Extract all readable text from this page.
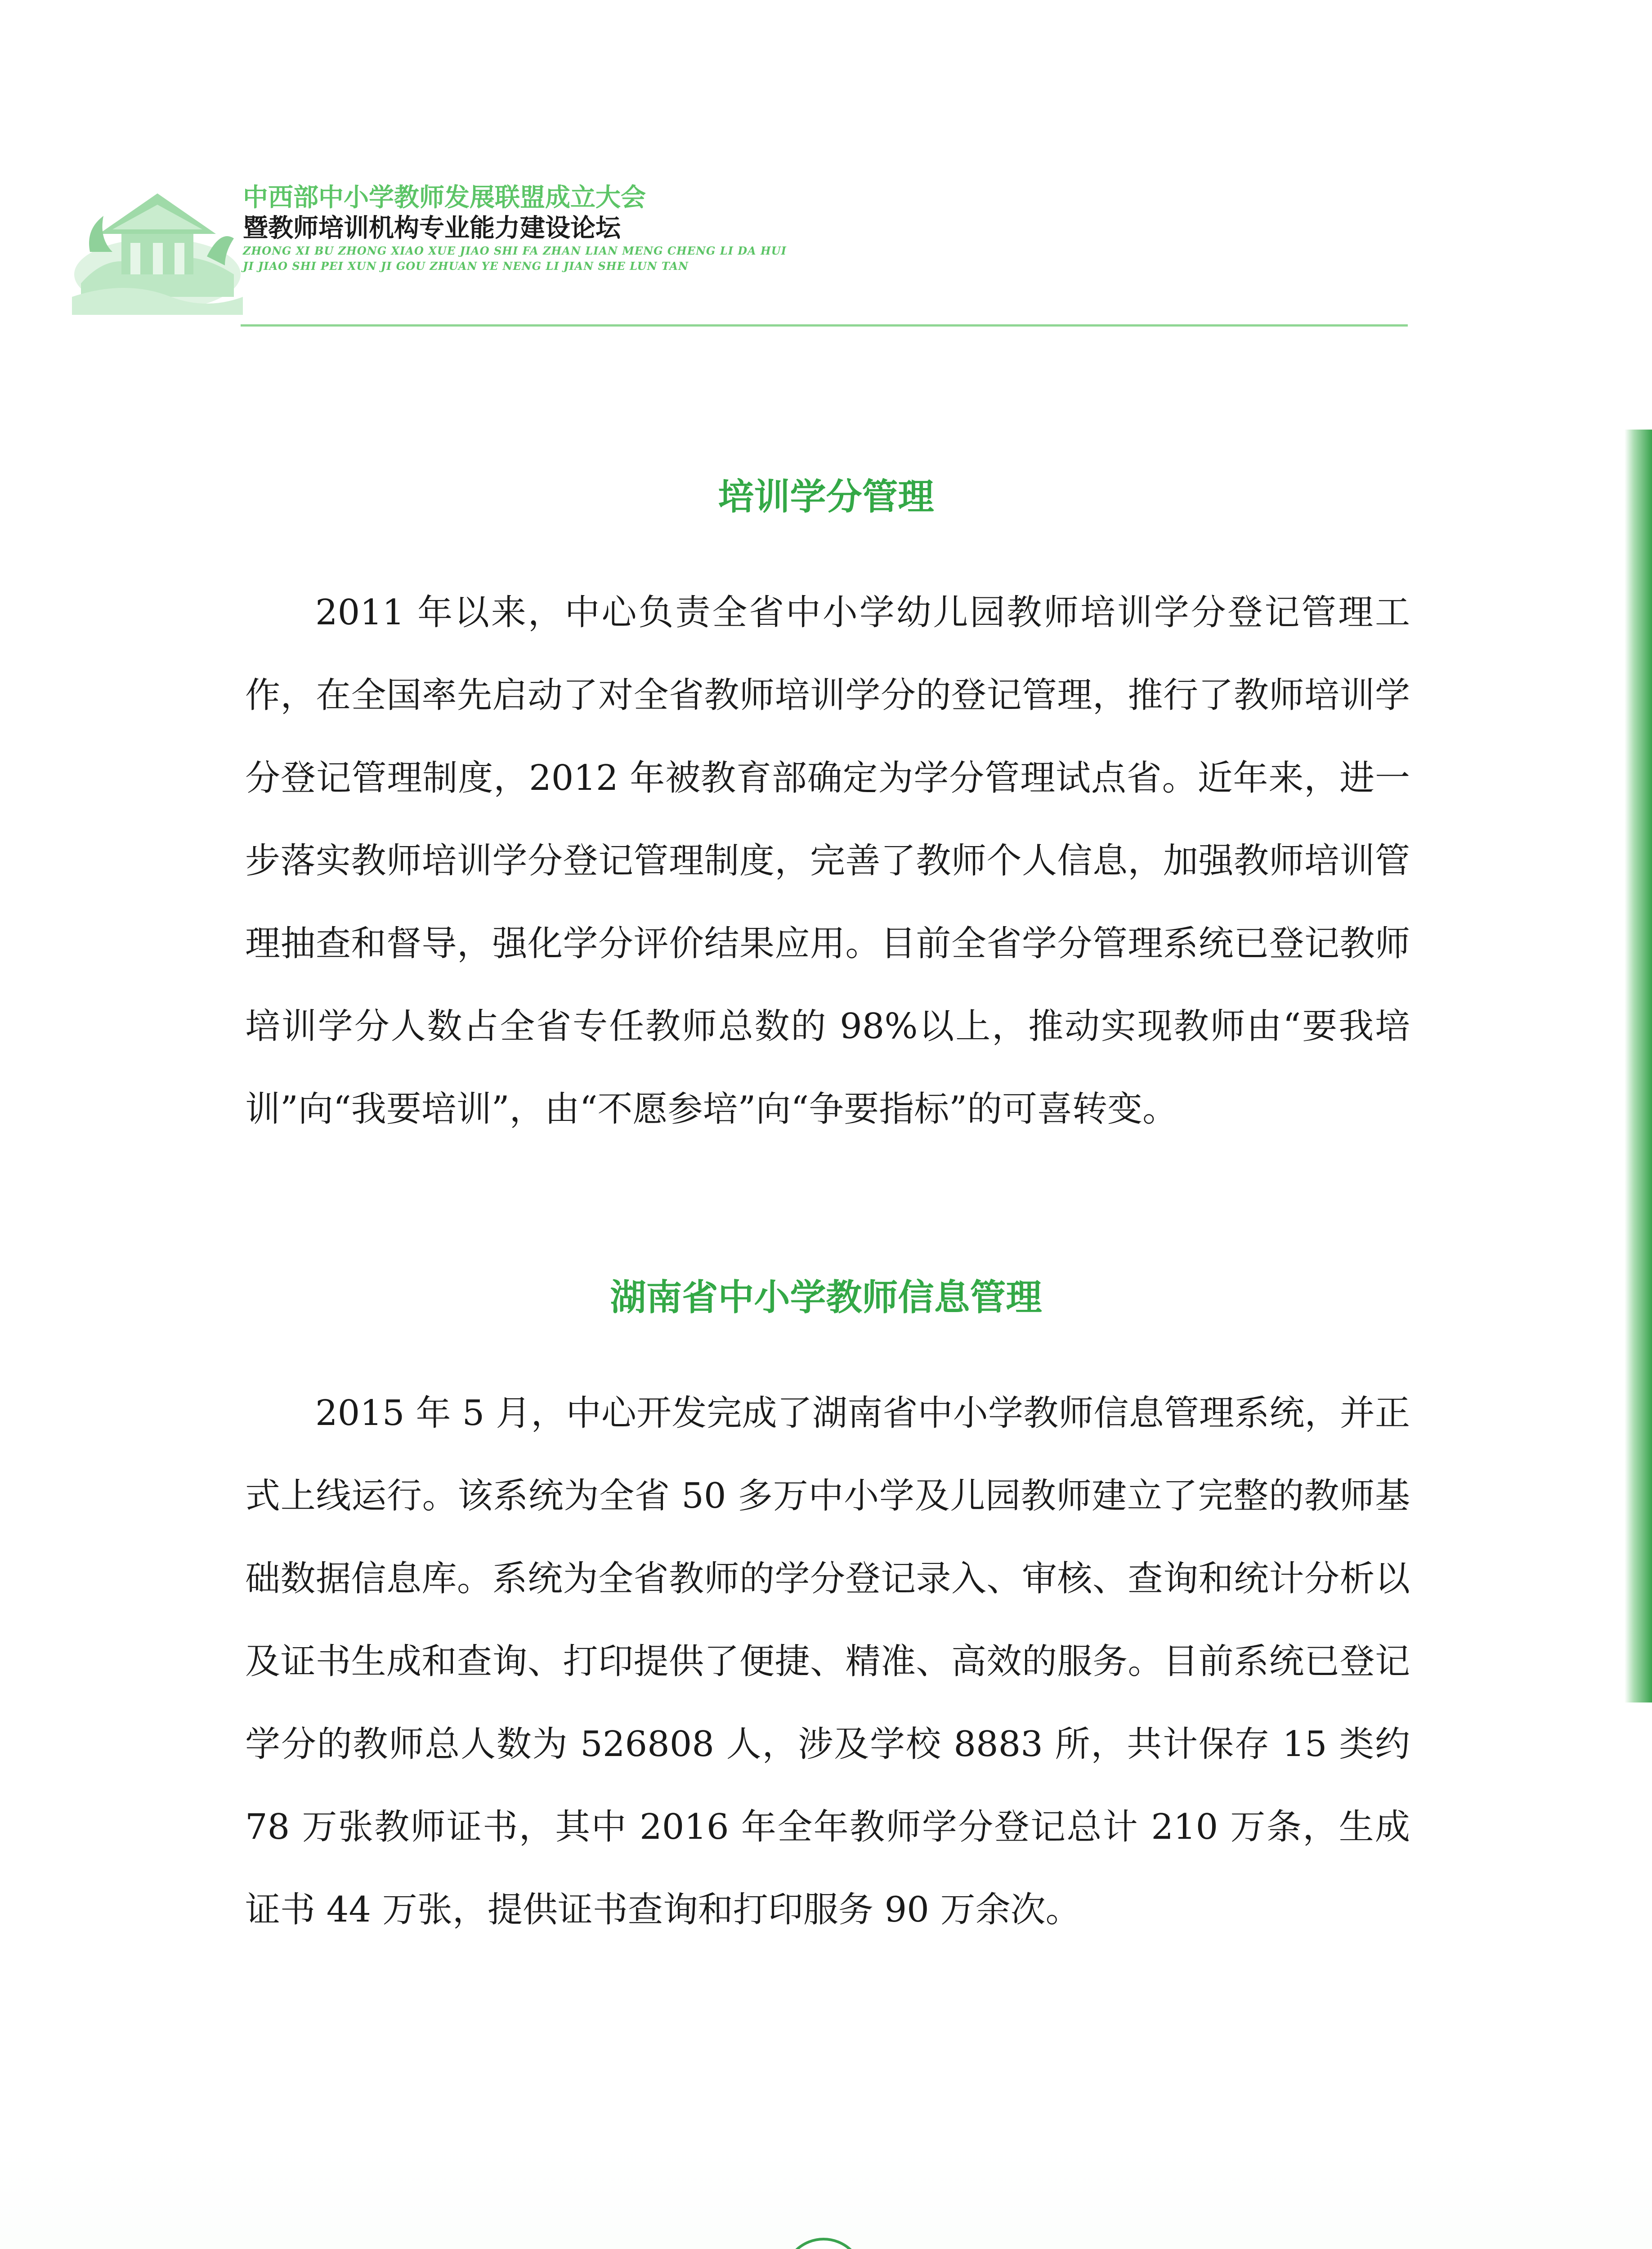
中西部中小学教师发展联盟成立大会
暨教师培训机构专业能力建设论坛
ZHONG XI BU ZHONG XIAO XUE JIAO SHI FA ZHAN LIAN MENG CHENG LI DA HUI
JI JIAO SHI PEI XUN JI GOU ZHUAN YE NENG LI JIAN SHE LUN TAN
培训学分管理

2011 年以来，中心负责全省中小学幼儿园教师培训学分登记管理工作，在全国率先启动了对全省教师培训学分的登记管理，推行了教师培训学分登记管理制度，2012 年被教育部确定为学分管理试点省。近年来，进一步落实教师培训学分登记管理制度，完善了教师个人信息，加强教师培训管理抽查和督导，强化学分评价结果应用。目前全省学分管理系统已登记教师培训学分人数占全省专任教师总数的 98%以上，推动实现教师由“要我培训”向“我要培训”，由“不愿参培”向“争要指标”的可喜转变。

湖南省中小学教师信息管理

2015 年 5 月，中心开发完成了湖南省中小学教师信息管理系统，并正式上线运行。该系统为全省 50 多万中小学及儿园教师建立了完整的教师基础数据信息库。系统为全省教师的学分登记录入、审核、查询和统计分析以及证书生成和查询、打印提供了便捷、精准、高效的服务。目前系统已登记学分的教师总人数为 526808 人，涉及学校 8883 所，共计保存 15 类约 78 万张教师证书，其中 2016 年全年教师学分登记总计 210 万条，生成证书 44 万张，提供证书查询和打印服务 90 万余次。
